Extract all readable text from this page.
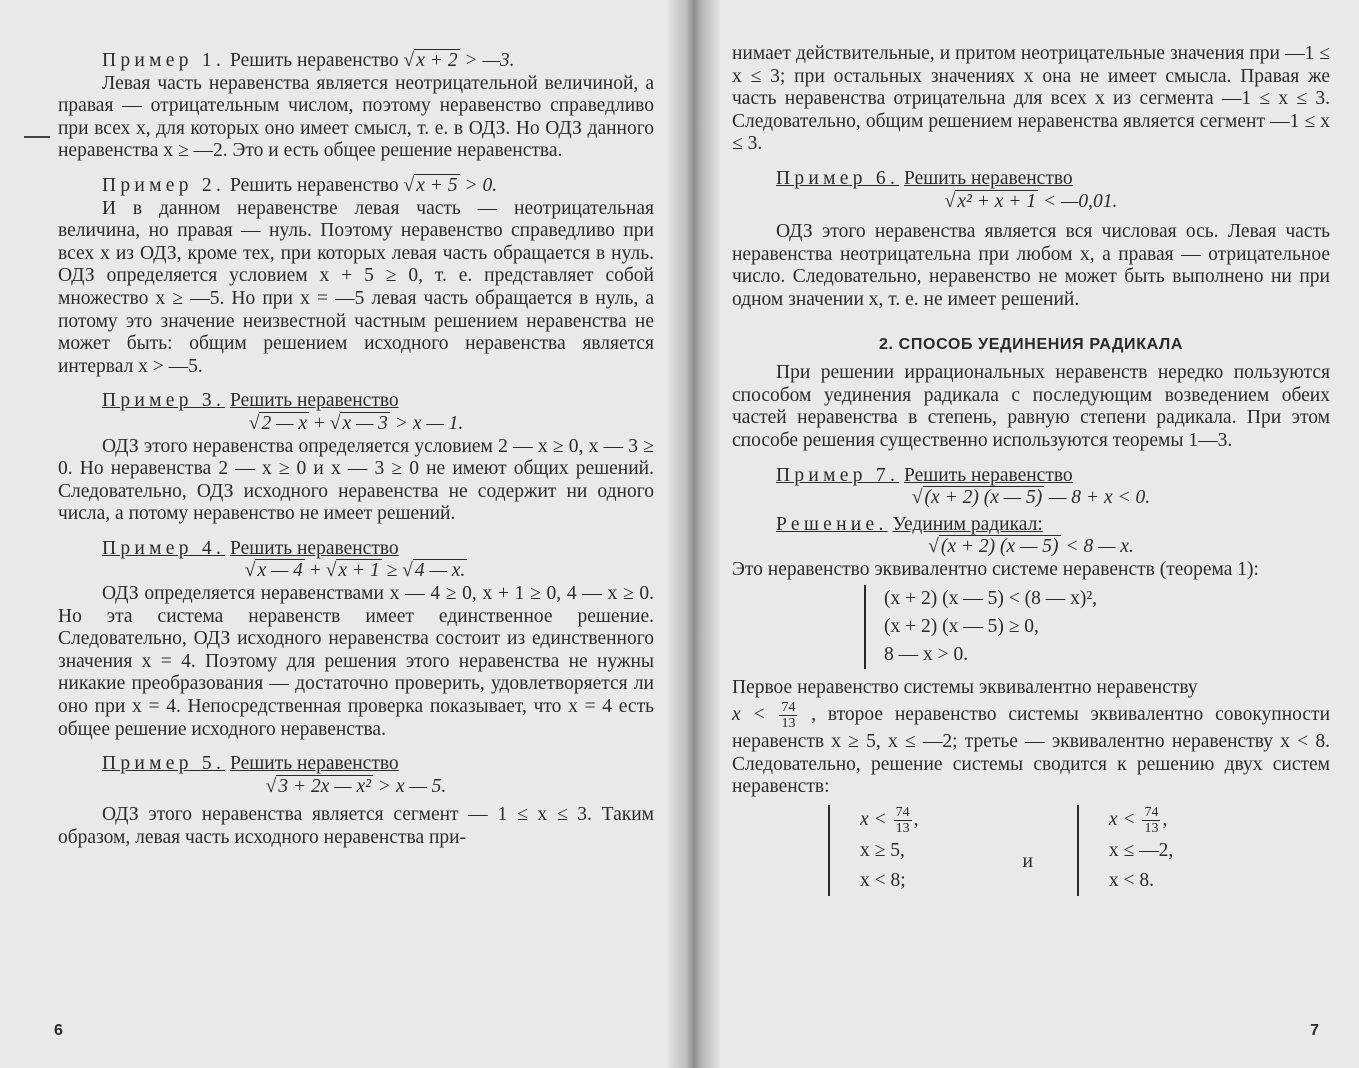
Пример 1. Решить неравенство √ x + 2 > —3.

Левая часть неравенства является неотрицательной величиной, а правая — отрицательным числом, поэтому неравенство справедливо при всех x, для которых оно имеет смысл, т. е. в ОДЗ. Но ОДЗ данного неравенства x ≥ —2. Это и есть общее решение неравенства.

Пример 2. Решить неравенство √ x + 5 > 0.

И в данном неравенстве левая часть — неотрицательная величина, но правая — нуль. Поэтому неравенство справедливо при всех x из ОДЗ, кроме тех, при которых левая часть обращается в нуль. ОДЗ определяется условием x + 5 ≥ 0, т. е. представляет собой множество x ≥ —5. Но при x = —5 левая часть обращается в нуль, а потому это значение неизвестной частным решением неравенства не может быть: общим решением исходного неравенства является интервал x > —5.

Пример 3. Решить неравенство

√ 2 — x + √ x — 3 > x — 1.

ОДЗ этого неравенства определяется условием 2 — x ≥ 0, x — 3 ≥ 0. Но неравенства 2 — x ≥ 0 и x — 3 ≥ 0 не имеют общих решений. Следовательно, ОДЗ исходного неравенства не содержит ни одного числа, а потому неравенство не имеет решений.

Пример 4. Решить неравенство

√ x — 4 + √ x + 1 ≥ √ 4 — x.

ОДЗ определяется неравенствами x — 4 ≥ 0, x + 1 ≥ 0, 4 — x ≥ 0. Но эта система неравенств имеет единственное решение. Следовательно, ОДЗ исходного неравенства состоит из единственного значения x = 4. Поэтому для решения этого неравенства не нужны никакие преобразования — достаточно проверить, удовлетворяется ли оно при x = 4. Непосредственная проверка показывает, что x = 4 есть общее решение исходного неравенства.

Пример 5. Решить неравенство

√ 3 + 2x — x² > x — 5.

ОДЗ этого неравенства является сегмент — 1 ≤ x ≤ 3. Таким образом, левая часть исходного неравенства при-

6

нимает действительные, и притом неотрицательные значения при —1 ≤ x ≤ 3; при остальных значениях x она не имеет смысла. Правая же часть неравенства отрицательна для всех x из сегмента —1 ≤ x ≤ 3. Следовательно, общим решением неравенства является сегмент —1 ≤ x ≤ 3.

Пример 6. Решить неравенство

√ x² + x + 1 < —0,01.

ОДЗ этого неравенства является вся числовая ось. Левая часть неравенства неотрицательна при любом x, а правая — отрицательное число. Следовательно, неравенство не может быть выполнено ни при одном значении x, т. е. не имеет решений.

2. СПОСОБ УЕДИНЕНИЯ РАДИКАЛА

При решении иррациональных неравенств нередко пользуются способом уединения радикала с последующим возведением обеих частей неравенства в степень, равную степени радикала. При этом способе решения существенно используются теоремы 1—3.

Пример 7. Решить неравенство

√ (x + 2) (x — 5) — 8 + x < 0.

Решение. Уединим радикал:

√ (x + 2) (x — 5) < 8 — x.

Это неравенство эквивалентно системе неравенств (теорема 1):

(x + 2) (x — 5) < (8 — x)²,
(x + 2) (x — 5) ≥ 0,
8 — x > 0.

Первое неравенство системы эквивалентно неравенству

$x < \frac{74}{13}$ , второе неравенство системы эквивалентно совокупности неравенств x ≥ 5, x ≤ —2; третье — эквивалентно неравенству x < 8. Следовательно, решение системы сводится к решению двух систем неравенств:

$x < \frac{74}{13}$ ,
x ≥ 5,
x < 8;
и
$x < \frac{74}{13}$ ,
x ≤ —2,
x < 8.
7
